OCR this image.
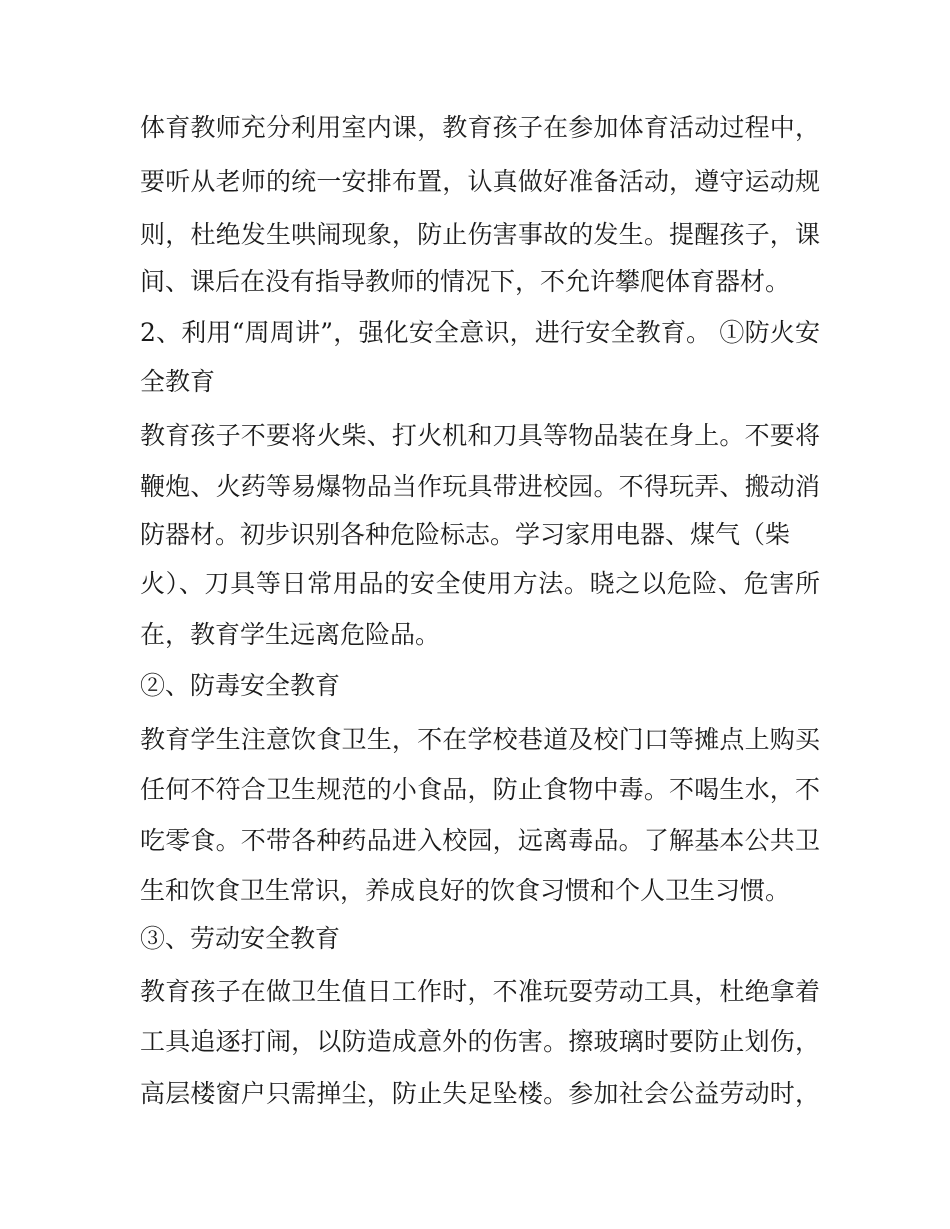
体育教师充分利用室内课，教育孩子在参加体育活动过程中，
要听从老师的统一安排布置，认真做好准备活动，遵守运动规
则，杜绝发生哄闹现象，防止伤害事故的发生。提醒孩子，课
间、课后在没有指导教师的情况下，不允许攀爬体育器材。
2、利用“周周讲”，强化安全意识，进行安全教育。 ①防火安
全教育
教育孩子不要将火柴、打火机和刀具等物品装在身上。不要将
鞭炮、火药等易爆物品当作玩具带进校园。不得玩弄、搬动消
防器材。初步识别各种危险标志。学习家用电器、煤气（柴
火）、刀具等日常用品的安全使用方法。晓之以危险、危害所
在，教育学生远离危险品。
②、防毒安全教育
教育学生注意饮食卫生，不在学校巷道及校门口等摊点上购买
任何不符合卫生规范的小食品，防止食物中毒。不喝生水，不
吃零食。不带各种药品进入校园，远离毒品。了解基本公共卫
生和饮食卫生常识，养成良好的饮食习惯和个人卫生习惯。
③、劳动安全教育
教育孩子在做卫生值日工作时，不准玩耍劳动工具，杜绝拿着
工具追逐打闹，以防造成意外的伤害。擦玻璃时要防止划伤，
高层楼窗户只需掸尘，防止失足坠楼。参加社会公益劳动时，
